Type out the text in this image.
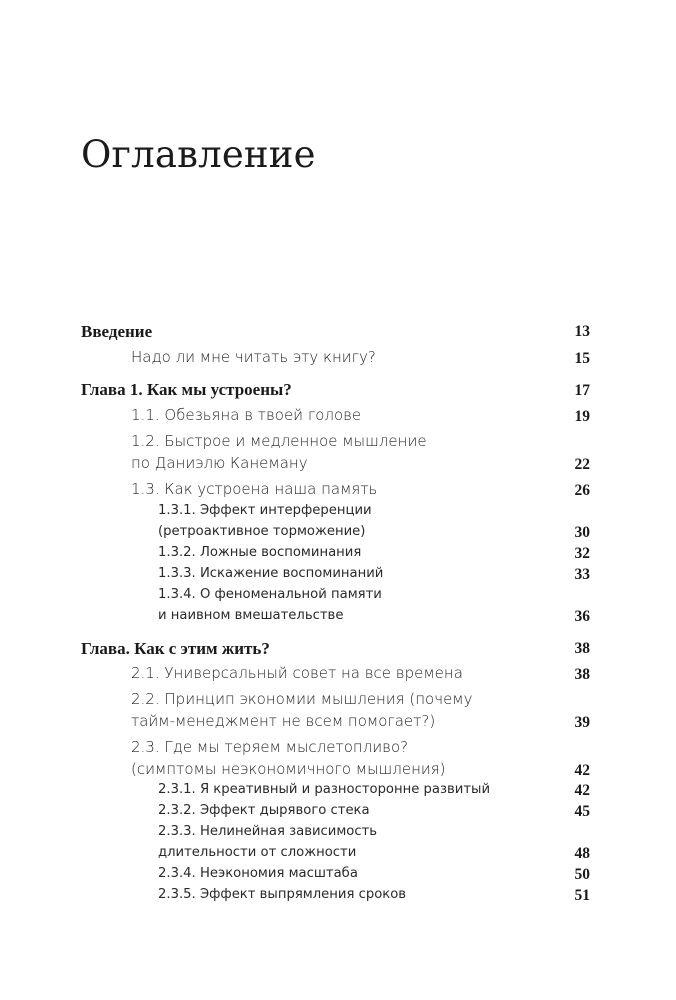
Оглавление
Введение	13
Надо ли мне читать эту книгу?	15
Глава 1. Как мы устроены?	17
1.1. Обезьяна в твоей голове	19
1.2. Быстрое и медленное мышление
по Даниэлю Канеману	22
1.3. Как устроена наша память	26
1.3.1. Эффект интерференции
(ретроактивное торможение)	30
1.3.2. Ложные воспоминания	32
1.3.3. Искажение воспоминаний	33
1.3.4. О феноменальной памяти
и наивном вмешательстве	36
Глава. Как с этим жить?	38
2.1. Универсальный совет на все времена	38
2.2. Принцип экономии мышления (почему
тайм-менеджмент не всем помогает?)	39
2.3. Где мы теряем мыслетопливо?
(симптомы неэкономичного мышления)	42
2.3.1. Я креативный и разносторонне развитый	42
2.3.2. Эффект дырявого стека	45
2.3.3. Нелинейная зависимость
длительности от сложности	48
2.3.4. Неэкономия масштаба	50
2.3.5. Эффект выпрямления сроков	51
